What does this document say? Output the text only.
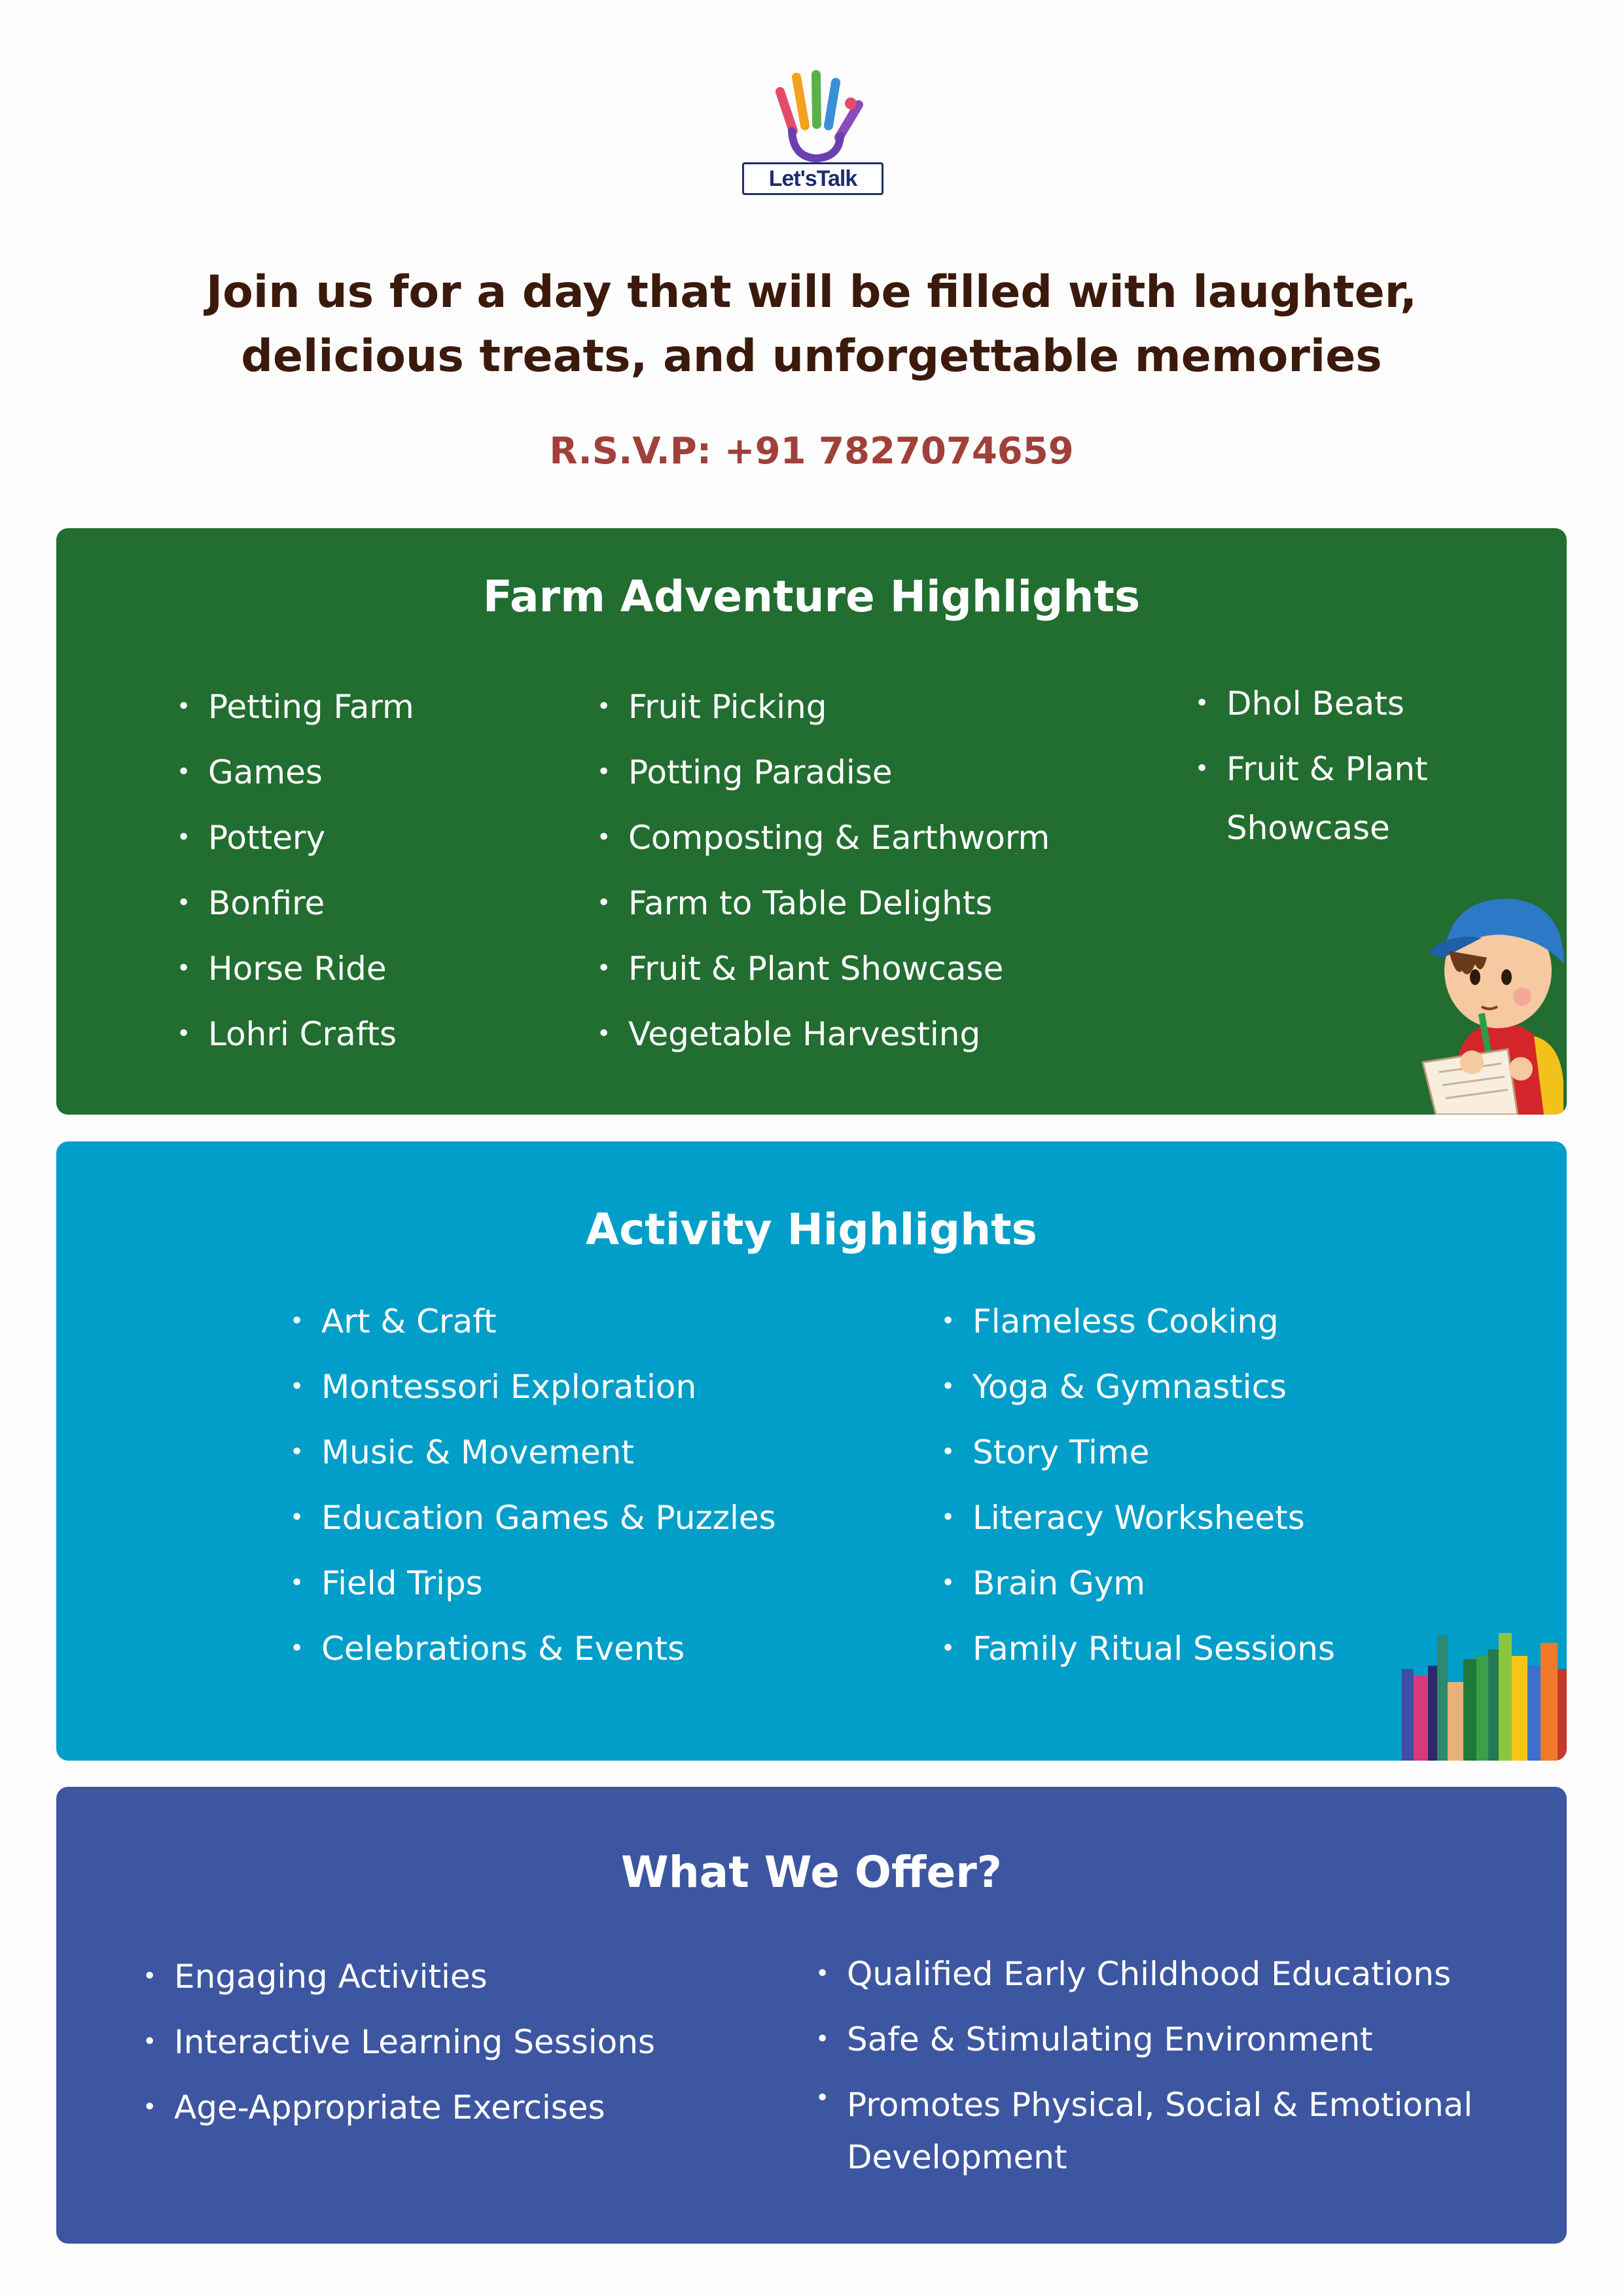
Let'sTalk
Join us for a day that will be filled with laughter,
delicious treats, and unforgettable memories
R.S.V.P: +91 7827074659
Farm Adventure Highlights
• Petting Farm
• Games
• Pottery
• Bonfire
• Horse Ride
• Lohri Crafts
• Fruit Picking
• Potting Paradise
• Composting & Earthworm
• Farm to Table Delights
• Fruit & Plant Showcase
• Vegetable Harvesting
• Dhol Beats
• Fruit & Plant Showcase
Activity Highlights
• Art & Craft
• Montessori Exploration
• Music & Movement
• Education Games & Puzzles
• Field Trips
• Celebrations & Events
• Flameless Cooking
• Yoga & Gymnastics
• Story Time
• Literacy Worksheets
• Brain Gym
• Family Ritual Sessions
What We Offer?
• Engaging Activities
• Interactive Learning Sessions
• Age-Appropriate Exercises
• Qualified Early Childhood Educations
• Safe & Stimulating Environment
• Promotes Physical, Social & Emotional Development
